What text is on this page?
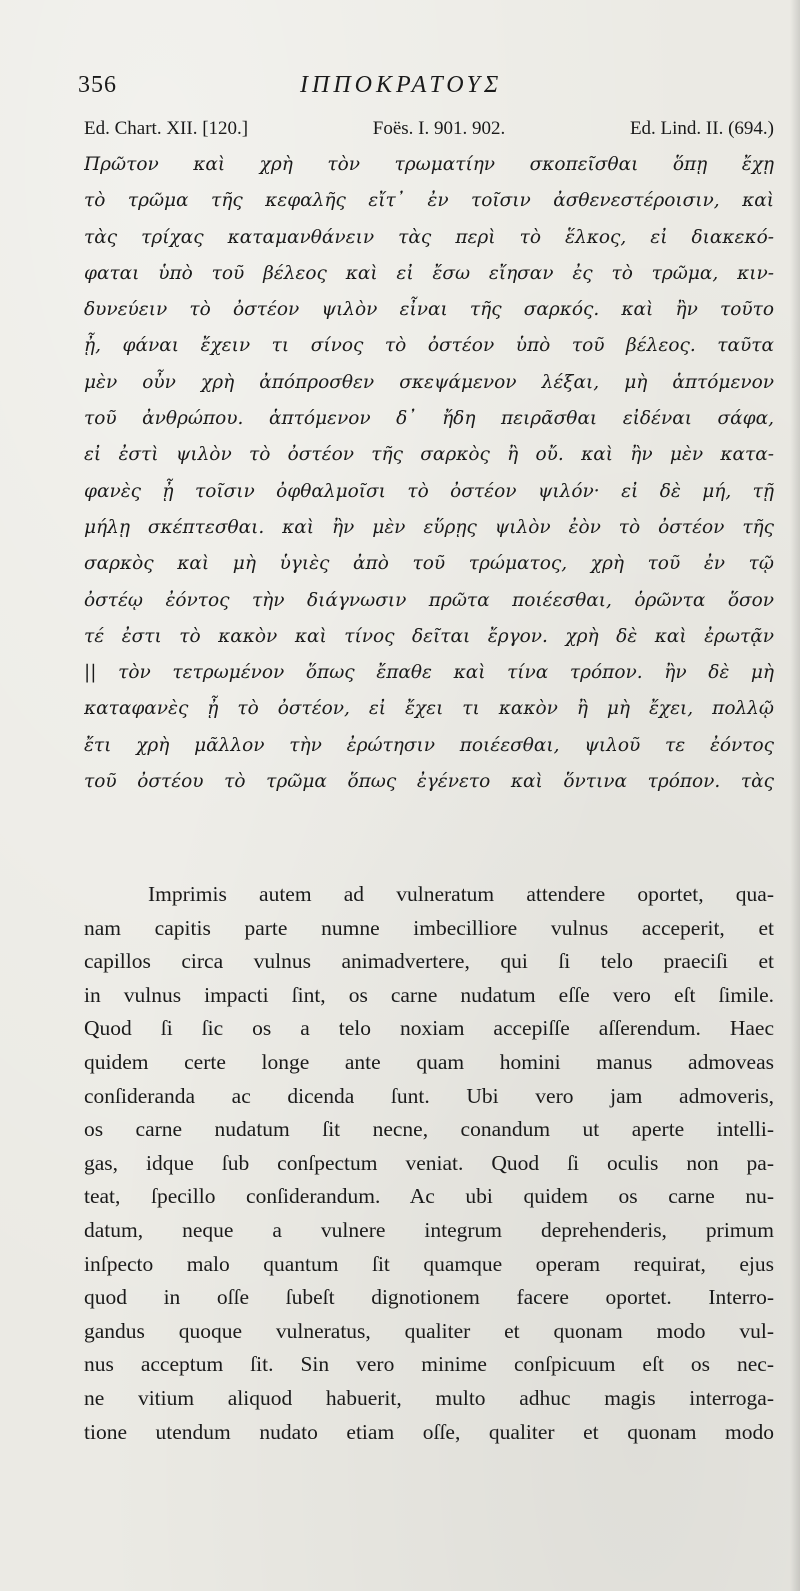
356	ΙΠΠΟΚΡΑΤΟΥΣ
Ed. Chart. XII. [120.]	Foës. I. 901. 902.	Ed. Lind. II. (694.)
Πρῶτον καὶ χρὴ τὸν τρωματίην σκοπεῖσθαι ὅπῃ ἔχῃ
τὸ τρῶμα τῆς κεφαλῆς εἴτ᾽ ἐν τοῖσιν ἀσθενεστέροισιν, καὶ
τὰς τρίχας καταμανθάνειν τὰς περὶ τὸ ἕλκος, εἰ διακεκό-
φαται ὑπὸ τοῦ βέλεος καὶ εἰ ἔσω εἴησαν ἐς τὸ τρῶμα, κιν-
δυνεύειν τὸ ὀστέον ψιλὸν εἶναι τῆς σαρκός. καὶ ἢν τοῦτο
ᾖ, φάναι ἔχειν τι σίνος τὸ ὀστέον ὑπὸ τοῦ βέλεος. ταῦτα
μὲν οὖν χρὴ ἀπόπροσθεν σκεψάμενον λέξαι, μὴ ἁπτόμενον
τοῦ ἀνθρώπου. ἁπτόμενον δ᾽ ἤδη πειρᾶσθαι εἰδέναι σάφα,
εἰ ἐστὶ ψιλὸν τὸ ὀστέον τῆς σαρκὸς ἢ οὔ. καὶ ἢν μὲν κατα-
φανὲς ᾖ τοῖσιν ὀφθαλμοῖσι τὸ ὀστέον ψιλόν· εἰ δὲ μή, τῇ
μήλῃ σκέπτεσθαι. καὶ ἢν μὲν εὕρῃς ψιλὸν ἐὸν τὸ ὀστέον τῆς
σαρκὸς καὶ μὴ ὑγιὲς ἀπὸ τοῦ τρώματος, χρὴ τοῦ ἐν τῷ
ὀστέῳ ἐόντος τὴν διάγνωσιν πρῶτα ποιέεσθαι, ὁρῶντα ὅσον
τέ ἐστι τὸ κακὸν καὶ τίνος δεῖται ἔργον. χρὴ δὲ καὶ ἐρωτᾷν
|| τὸν τετρωμένον ὅπως ἔπαθε καὶ τίνα τρόπον. ἢν δὲ μὴ
καταφανὲς ᾖ τὸ ὀστέον, εἰ ἔχει τι κακὸν ἢ μὴ ἔχει, πολλῷ
ἔτι χρὴ μᾶλλον τὴν ἐρώτησιν ποιέεσθαι, ψιλοῦ τε ἐόντος
τοῦ ὀστέου τὸ τρῶμα ὅπως ἐγένετο καὶ ὅντινα τρόπον. τὰς
Imprimis autem ad vulneratum attendere oportet, qua-
nam capitis parte numne imbecilliore vulnus acceperit, et
capillos circa vulnus animadvertere, qui ſi telo praeciſi et
in vulnus impacti ſint, os carne nudatum eſſe vero eſt ſimile.
Quod ſi ſic os a telo noxiam accepiſſe aſſerendum. Haec
quidem certe longe ante quam homini manus admoveas
conſideranda ac dicenda ſunt. Ubi vero jam admoveris,
os carne nudatum ſit necne, conandum ut aperte intelli-
gas, idque ſub conſpectum veniat. Quod ſi oculis non pa-
teat, ſpecillo conſiderandum. Ac ubi quidem os carne nu-
datum, neque a vulnere integrum deprehenderis, primum
inſpecto malo quantum ſit quamque operam requirat, ejus
quod in oſſe ſubeſt dignotionem facere oportet. Interro-
gandus quoque vulneratus, qualiter et quonam modo vul-
nus acceptum ſit. Sin vero minime conſpicuum eſt os nec-
ne vitium aliquod habuerit, multo adhuc magis interroga-
tione utendum nudato etiam oſſe, qualiter et quonam modo
